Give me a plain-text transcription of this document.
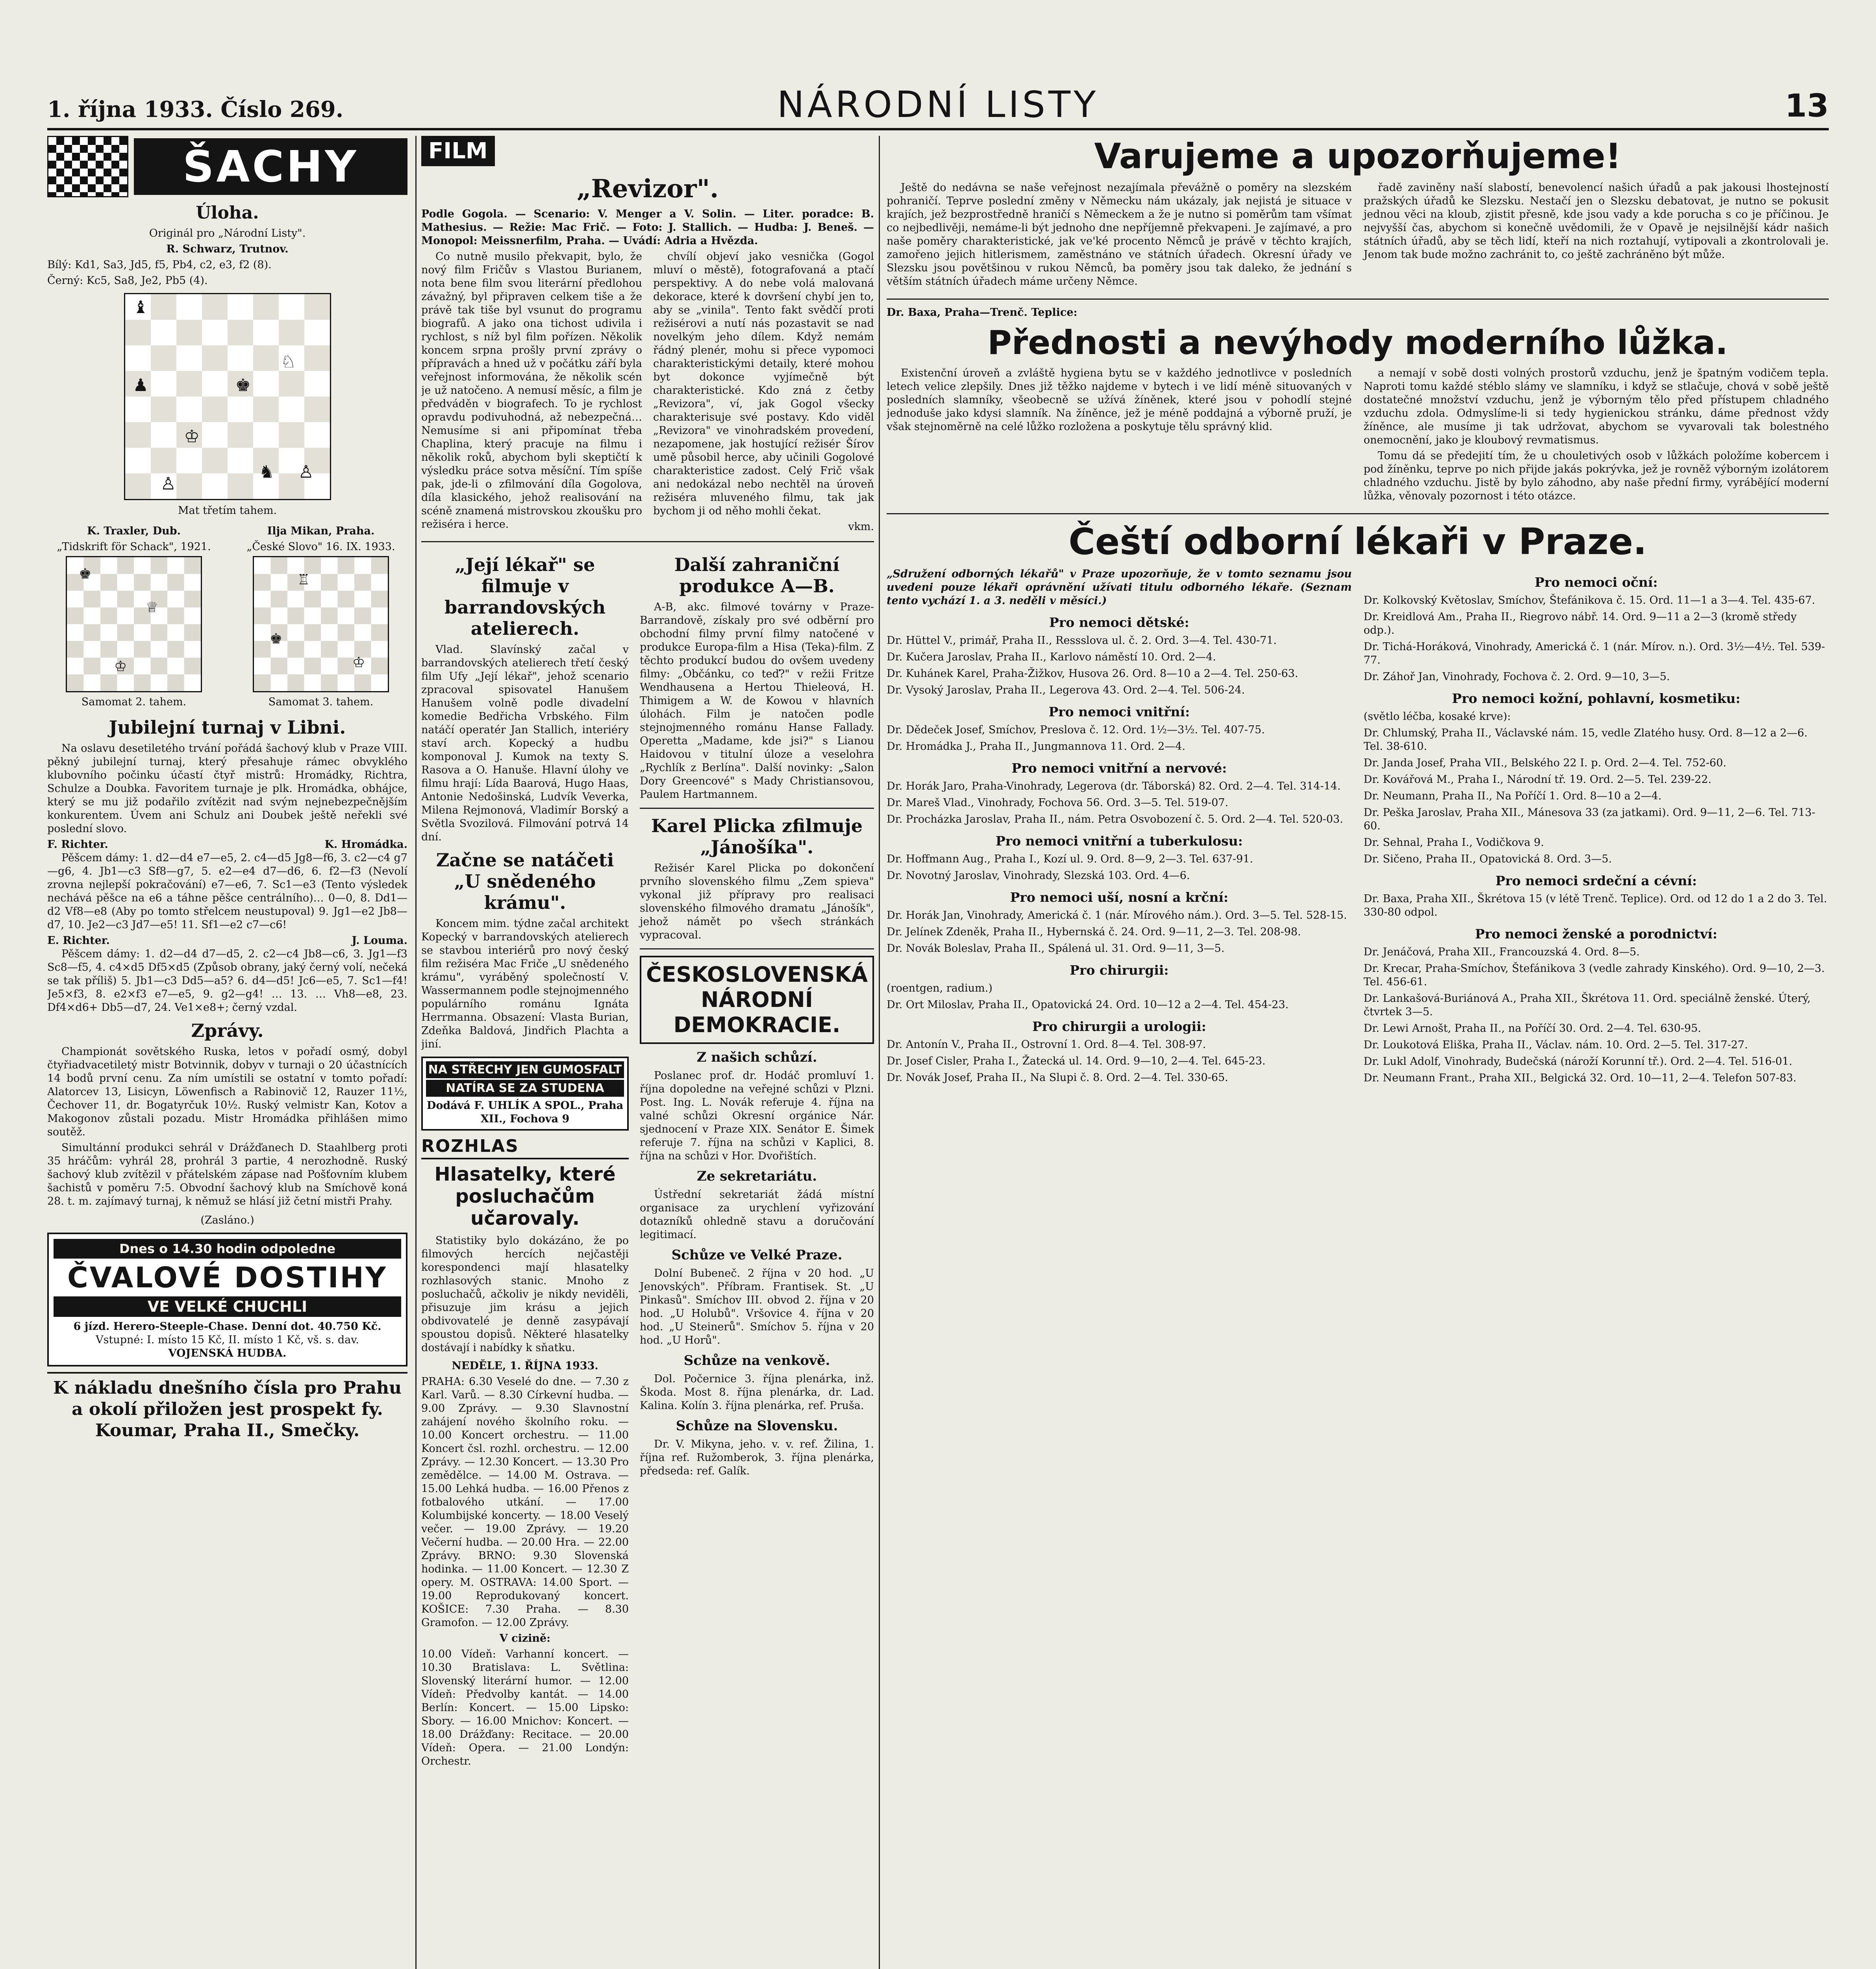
1. října 1933. Číslo 269.	NÁRODNÍ LISTY	13
ŠACHY
Úloha.
Originál pro „Národní Listy".
R. Schwarz, Trutnov.
Bílý: Kd1, Sa3, Jd5, f5, Pb4, c2, e3, f2 (8).
Černý: Kc5, Sa8, Je2, Pb5 (4).
♝
♟
♔
♚
♘
♙
♞ ♙
Mat třetím tahem.
K. Traxler, Dub.
„Tidskrift för Schack", 1921.
♚
♕
♔
Samomat 2. tahem.
Ilja Mikan, Praha.
„České Slovo" 16. IX. 1933.
♖
♚
♔
Samomat 3. tahem.
Jubilejní turnaj v Libni.
Na oslavu desetiletého trvání pořádá šachový klub v Praze VIII. pěkný jubilejní turnaj, který přesahuje rámec obvyklého klubovního počinku účastí čtyř mistrů: Hromádky, Richtra, Schulze a Doubka. Favoritem turnaje je plk. Hromádka, obhájce, který se mu již podařilo zvítězit nad svým nejnebezpečnějším konkurentem. Úvem ani Schulz ani Doubek ještě neřekli své poslední slovo.
F. Richter.	K. Hromádka.
Pěšcem dámy: 1. d2—d4 e7—e5, 2. c4—d5 Jg8—f6, 3. c2—c4 g7—g6, 4. Jb1—c3 Sf8—g7, 5. e2—e4 d7—d6, 6. f2—f3 (Nevolí zrovna nejlepší pokračování) e7—e6, 7. Sc1—e3 (Tento výsledek nechává pěšce na e6 a táhne pěšce centrálního)… 0—0, 8. Dd1—d2 Vf8—e8 (Aby po tomto střelcem neustupoval) 9. Jg1—e2 Jb8—d7, 10. Je2—c3 Jd7—e5! 11. Sf1—e2 c7—c6!
E. Richter.	J. Louma.
Pěšcem dámy: 1. d2—d4 d7—d5, 2. c2—c4 Jb8—c6, 3. Jg1—f3 Sc8—f5, 4. c4×d5 Df5×d5 (Způsob obrany, jaký černý volí, nečeká se tak příliš) 5. Jb1—c3 Dd5—a5? 6. d4—d5! Jc6—e5, 7. Sc1—f4! Je5×f3, 8. e2×f3 e7—e5, 9. g2—g4! … 13. … Vh8—e8, 23. Df4×d6+ Db5—d7, 24. Ve1×e8+; černý vzdal.
Zprávy.
Championát sovětského Ruska, letos v pořadí osmý, dobyl čtyřiadvacetiletý mistr Botvinnik, dobyv v turnaji o 20 účastnících 14 bodů první cenu. Za ním umístili se ostatní v tomto pořadí: Alatorcev 13, Lisicyn, Löwenfisch a Rabinovič 12, Rauzer 11½, Čechover 11, dr. Bogatyrčuk 10½. Ruský velmistr Kan, Kotov a Makogonov zůstali pozadu. Mistr Hromádka přihlášen mimo soutěž.
Simultánní produkci sehrál v Drážďanech D. Staahlberg proti 35 hráčům: vyhrál 28, prohrál 3 partie, 4 nerozhodně. Ruský šachový klub zvítězil v přátelském zápase nad Pošťovním klubem šachistů v poměru 7:5. Obvodní šachový klub na Smíchově koná 28. t. m. zajímavý turnaj, k němuž se hlásí již četní mistři Prahy.
(Zasláno.)
Dnes o 14.30 hodin odpoledne
ČVALOVÉ DOSTIHY
VE VELKÉ CHUCHLI
6 jízd. Herero-Steeple-Chase. Denní dot. 40.750 Kč.
Vstupné: I. místo 15 Kč, II. místo 1 Kč, vš. s. dav.
VOJENSKÁ HUDBA.
K nákladu dnešního čísla pro Prahu a okolí přiložen jest prospekt fy. Koumar, Praha II., Smečky.
FILM
„Revizor".
Podle Gogola. — Scenario: V. Menger a V. Solin. — Liter. poradce: B. Mathesius. — Režie: Mac Frič. — Foto: J. Stallich. — Hudba: J. Beneš. — Monopol: Meissnerfilm, Praha. — Uvádí: Adria a Hvězda.
Co nutně musilo překvapit, bylo, že nový film Fričův s Vlastou Burianem, nota bene film svou literární předlohou závažný, byl připraven celkem tiše a že právě tak tiše byl vsunut do programu biografů. A jako ona tichost udivila i rychlost, s níž byl film pořízen. Několik koncem srpna prošly první zprávy o přípravách a hned už v počátku září byla veřejnost informována, že několik scén je už natočeno. A nemusí měsíc, a film je předváděn v biografech. To je rychlost opravdu podivuhodná, až nebezpečná… Nemusíme si ani připomínat třeba Chaplina, který pracuje na filmu i několik roků, abychom byli skeptičtí k výsledku práce sotva měsíční. Tím spíše pak, jde-li o zfilmování díla Gogolova, díla klasického, jehož realisování na scéně znamená mistrovskou zkoušku pro režiséra i herce.
chvílí objeví jako vesnička (Gogol mluví o městě), fotografovaná a ptačí perspektivy. A do nebe volá malovaná dekorace, které k dovršení chybí jen to, aby se „vinila". Tento fakt svědčí proti režisérovi a nutí nás pozastavit se nad novelkým jeho dílem. Když nemám řádný plenér, mohu si přece vypomoci charakteristickými detaily, které mohou byt dokonce vyjímečně být charakteristické. Kdo zná z četby „Revizora", ví, jak Gogol všecky charakterisuje své postavy. Kdo viděl „Revizora" ve vinohradském provedení, nezapomene, jak hostující režisér Šírov umě působil herce, aby učinili Gogolové charakteristice zadost. Celý Frič však ani nedokázal nebo nechtěl na úroveň režiséra mluveného filmu, tak jak bychom ji od něho mohli čekat.
vkm.
„Její lékař" se filmuje v barrandovských atelierech.
Vlad. Slavínský začal v barrandovských atelierech třetí český film Ufy „Její lékař", jehož scenario zpracoval spisovatel Hanušem Hanušem volně podle divadelní komedie Bedřicha Vrbského. Film natáčí operatér Jan Stallich, interiéry staví arch. Kopecký a hudbu komponoval J. Kumok na texty S. Rasova a O. Hanuše. Hlavní úlohy ve filmu hrají: Lída Baarová, Hugo Haas, Antonie Nedošinská, Ludvík Veverka, Milena Rejmonová, Vladimír Borský a Světla Svozilová. Filmování potrvá 14 dní.
Začne se natáčeti „U snědeného krámu".
Koncem mim. týdne začal architekt Kopecký v barrandovských atelierech se stavbou interiérů pro nový český film režiséra Mac Friče „U snědeného krámu", vyráběný společností V. Wassermannem podle stejnojmenného populárního románu Ignáta Herrmanna. Obsazení: Vlasta Burian, Zdeňka Baldová, Jindřich Plachta a jiní.
NA STŘECHY JEN GUMOSFALT
NATÍRA SE ZA STUDENA
Dodává F. UHLÍK A SPOL., Praha XII., Fochova 9
ROZHLAS
Hlasatelky, které posluchačům učarovaly.
Statistiky bylo dokázáno, že po filmových hercích nejčastěji korespondenci mají hlasatelky rozhlasových stanic. Mnoho z posluchačů, ačkoliv je nikdy neviděli, přisuzuje jim krásu a jejich obdivovatelé je denně zasypávají spoustou dopisů. Některé hlasatelky dostávají i nabídky k sňatku.
NEDĚLE, 1. ŘÍJNA 1933.
PRAHA: 6.30 Veselé do dne. — 7.30 z Karl. Varů. — 8.30 Církevní hudba. — 9.00 Zprávy. — 9.30 Slavnostní zahájení nového školního roku. — 10.00 Koncert orchestru. — 11.00 Koncert čsl. rozhl. orchestru. — 12.00 Zprávy. — 12.30 Koncert. — 13.30 Pro zemědělce. — 14.00 M. Ostrava. — 15.00 Lehká hudba. — 16.00 Přenos z fotbalového utkání. — 17.00 Kolumbijské koncerty. — 18.00 Veselý večer. — 19.00 Zprávy. — 19.20 Večerní hudba. — 20.00 Hra. — 22.00 Zprávy. BRNO: 9.30 Slovenská hodinka. — 11.00 Koncert. — 12.30 Z opery. M. OSTRAVA: 14.00 Sport. — 19.00 Reprodukovaný koncert. KOŠICE: 7.30 Praha. — 8.30 Gramofon. — 12.00 Zprávy.
V cizině:
10.00 Vídeň: Varhanní koncert. — 10.30 Bratislava: L. Světlina: Slovenský literární humor. — 12.00 Vídeň: Předvolby kantát. — 14.00 Berlín: Koncert. — 15.00 Lipsko: Sbory. — 16.00 Mnichov: Koncert. — 18.00 Drážďany: Recitace. — 20.00 Vídeň: Opera. — 21.00 Londýn: Orchestr.
Další zahraniční produkce A—B.
A-B, akc. filmové továrny v Praze-Barrandově, získaly pro své odběrní pro obchodní filmy první filmy natočené v produkce Europa-film a Hisa (Teka)-film. Z těchto produkcí budou do ovšem uvedeny filmy: „Občánku, co teď?" v režii Fritze Wendhausena a Hertou Thieleová, H. Thimigem a W. de Kowou v hlavních úlohách. Film je natočen podle stejnojmenného románu Hanse Fallady. Operetta „Madame, kde jsi?" s Lianou Haidovou v titulní úloze a veselohra „Rychlík z Berlína". Další novinky: „Salon Dory Greencové" s Mady Christiansovou, Paulem Hartmannem.
Karel Plicka zfilmuje „Jánošíka".
Režisér Karel Plicka po dokončení prvního slovenského filmu „Zem spieva" vykonal již přípravy pro realisaci slovenského filmového dramatu „Jánošík", jehož námět po všech stránkách vypracoval.
ČESKOSLOVENSKÁ NÁRODNÍ DEMOKRACIE.
Z našich schůzí.
Poslanec prof. dr. Hodáč promluví 1. října dopoledne na veřejné schůzi v Plzni. Post. Ing. L. Novák referuje 4. října na valné schůzi Okresní orgánice Nár. sjednocení v Praze XIX. Senátor E. Šimek referuje 7. října na schůzi v Kaplici, 8. října na schůzi v Hor. Dvořištích.
Ze sekretariátu.
Ústřední sekretariát žádá místní organisace za urychlení vyřizování dotazníků ohledně stavu a doručování legitimací.
Schůze ve Velké Praze.
Dolní Bubeneč. 2 října v 20 hod. „U Jenovských". Příbram. Frantisek. St. „U Pinkasů". Smíchov III. obvod 2. října v 20 hod. „U Holubů". Vršovice 4. října v 20 hod. „U Steinerů". Smíchov 5. října v 20 hod. „U Horů".
Schůze na venkově.
Dol. Počernice 3. října plenárka, inž. Škoda. Most 8. října plenárka, dr. Lad. Kalina. Kolín 3. října plenárka, ref. Pruša.
Schůze na Slovensku.
Dr. V. Mikyna, jeho. v. v. ref. Žilina, 1. října ref. Ružomberok, 3. října plenárka, předseda: ref. Galík.
Varujeme a upozorňujeme!
Ještě do nedávna se naše veřejnost nezajímala převážně o poměry na slezském pohraničí. Teprve poslední změny v Německu nám ukázaly, jak nejistá je situace v krajích, jež bezprostředně hraničí s Německem a že je nutno si poměrům tam všímat co nejbedlivěji, nemáme-li být jednoho dne nepříjemně překvapeni. Je zajímavé, a pro naše poměry charakteristické, jak ve'ké procento Němců je právě v těchto krajích, zamořeno jejich hitlerismem, zaměstnáno ve státních úřadech. Okresní úřady ve Slezsku jsou povětšinou v rukou Němců, ba poměry jsou tak daleko, že jednání s větším státních úřadech máme určeny Němce.
řadě zaviněny naší slabostí, benevolencí našich úřadů a pak jakousi lhostejností pražských úřadů ke Slezsku. Nestačí jen o Slezsku debatovat, je nutno se pokusit jednou věci na kloub, zjistit přesně, kde jsou vady a kde porucha s co je příčinou. Je nejvyšší čas, abychom si konečně uvědomili, že v Opavě je nejsilnější kádr našich státních úřadů, aby se těch lidí, kteří na nich roztahují, vytipovali a zkontrolovali je. Jenom tak bude možno zachránit to, co ještě zachráněno být může.
Dr. Baxa, Praha—Trenč. Teplice:
Přednosti a nevýhody moderního lůžka.
Existenční úroveň a zvláště hygiena bytu se v každého jednotlivce v posledních letech velice zlepšily. Dnes již těžko najdeme v bytech i ve lidí méně situovaných v posledních slamníky, všeobecně se užívá žíněnek, které jsou v pohodlí stejné jednoduše jako kdysi slamník. Na žíněnce, jež je méně poddajná a výborně pruží, je však stejnoměrně na celé lůžko rozložena a poskytuje tělu správný klid.
a nemají v sobě dosti volných prostorů vzduchu, jenž je špatným vodičem tepla. Naproti tomu každé stéblo slámy ve slamníku, i když se stlačuje, chová v sobě ještě dostatečné množství vzduchu, jenž je výborným tělo před přístupem chladného vzduchu zdola. Odmyslíme-li si tedy hygienickou stránku, dáme přednost vždy žíněnce, ale musíme ji tak udržovat, abychom se vyvarovali tak bolestného onemocnění, jako je kloubový revmatismus.
Tomu dá se předejití tím, že u chouletivých osob v lůžkách položíme kobercem i pod žíněnku, teprve po nich přijde jakás pokrývka, jež je rovněž výborným izolátorem chladného vzduchu. Jistě by bylo záhodno, aby naše přední firmy, vyrábějící moderní lůžka, věnovaly pozornost i této otázce.
Čeští odborní lékaři v Praze.
„Sdružení odborných lékařů" v Praze upozorňuje, že v tomto seznamu jsou uvedeni pouze lékaři oprávnění užívati titulu odborného lékaře. (Seznam tento vychází 1. a 3. neděli v měsíci.)
Pro nemoci dětské:
Dr. Hüttel V., primář, Praha II., Ressslova ul. č. 2. Ord. 3—4. Tel. 430-71.
Dr. Kučera Jaroslav, Praha II., Karlovo náměstí 10. Ord. 2—4.
Dr. Kuhánek Karel, Praha-Žižkov, Husova 26. Ord. 8—10 a 2—4. Tel. 250-63.
Dr. Vysoký Jaroslav, Praha II., Legerova 43. Ord. 2—4. Tel. 506-24.
Pro nemoci vnitřní:
Dr. Dědeček Josef, Smíchov, Preslova č. 12. Ord. 1½—3½. Tel. 407-75.
Dr. Hromádka J., Praha II., Jungmannova 11. Ord. 2—4.
Pro nemoci vnitřní a nervové:
Dr. Horák Jaro, Praha-Vinohrady, Legerova (dr. Táborská) 82. Ord. 2—4. Tel. 314-14.
Dr. Mareš Vlad., Vinohrady, Fochova 56. Ord. 3—5. Tel. 519-07.
Dr. Procházka Jaroslav, Praha II., nám. Petra Osvobození č. 5. Ord. 2—4. Tel. 520-03.
Pro nemoci vnitřní a tuberkulosu:
Dr. Hoffmann Aug., Praha I., Kozí ul. 9. Ord. 8—9, 2—3. Tel. 637-91.
Dr. Novotný Jaroslav, Vinohrady, Slezská 103. Ord. 4—6.
Pro nemoci uší, nosní a krční:
Dr. Horák Jan, Vinohrady, Americká č. 1 (nár. Mírového nám.). Ord. 3—5. Tel. 528-15.
Dr. Jelínek Zdeněk, Praha II., Hybernská č. 24. Ord. 9—11, 2—3. Tel. 208-98.
Dr. Novák Boleslav, Praha II., Spálená ul. 31. Ord. 9—11, 3—5.
Pro chirurgii:
(roentgen, radium.)
Dr. Ort Miloslav, Praha II., Opatovická 24. Ord. 10—12 a 2—4. Tel. 454-23.
Pro chirurgii a urologii:
Dr. Antonín V., Praha II., Ostrovní 1. Ord. 8—4. Tel. 308-97.
Dr. Josef Cisler, Praha I., Žatecká ul. 14. Ord. 9—10, 2—4. Tel. 645-23.
Dr. Novák Josef, Praha II., Na Slupi č. 8. Ord. 2—4. Tel. 330-65.
Pro nemoci oční:
Dr. Kolkovský Květoslav, Smíchov, Štefánikova č. 15. Ord. 11—1 a 3—4. Tel. 435-67.
Dr. Kreidlová Am., Praha II., Riegrovo nábř. 14. Ord. 9—11 a 2—3 (kromě středy odp.).
Dr. Tichá-Horáková, Vinohrady, Americká č. 1 (nár. Mírov. n.). Ord. 3½—4½. Tel. 539-77.
Dr. Záhoř Jan, Vinohrady, Fochova č. 2. Ord. 9—10, 3—5.
Pro nemoci kožní, pohlavní, kosmetiku:
(světlo léčba, kosaké krve):
Dr. Chlumský, Praha II., Václavské nám. 15, vedle Zlatého husy. Ord. 8—12 a 2—6. Tel. 38-610.
Dr. Janda Josef, Praha VII., Belského 22 I. p. Ord. 2—4. Tel. 752-60.
Dr. Kovářová M., Praha I., Národní tř. 19. Ord. 2—5. Tel. 239-22.
Dr. Neumann, Praha II., Na Poříčí 1. Ord. 8—10 a 2—4.
Dr. Peška Jaroslav, Praha XII., Mánesova 33 (za jatkami). Ord. 9—11, 2—6. Tel. 713-60.
Dr. Sehnal, Praha I., Vodičkova 9.
Dr. Sičeno, Praha II., Opatovická 8. Ord. 3—5.
Pro nemoci srdeční a cévní:
Dr. Baxa, Praha XII., Škrétova 15 (v létě Trenč. Teplice). Ord. od 12 do 1 a 2 do 3. Tel. 330-80 odpol.
Pro nemoci ženské a porodnictví:
Dr. Jenáčová, Praha XII., Francouzská 4. Ord. 8—5.
Dr. Krecar, Praha-Smíchov, Štefánikova 3 (vedle zahrady Kinského). Ord. 9—10, 2—3. Tel. 456-61.
Dr. Lankašová-Buriánová A., Praha XII., Škrétova 11. Ord. speciálně ženské. Úterý, čtvrtek 3—5.
Dr. Lewi Arnošt, Praha II., na Poříčí 30. Ord. 2—4. Tel. 630-95.
Dr. Loukotová Eliška, Praha II., Václav. nám. 10. Ord. 2—5. Tel. 317-27.
Dr. Lukl Adolf, Vinohrady, Budečská (nároží Korunní tř.). Ord. 2—4. Tel. 516-01.
Dr. Neumann Frant., Praha XII., Belgická 32. Ord. 10—11, 2—4. Telefon 507-83.
